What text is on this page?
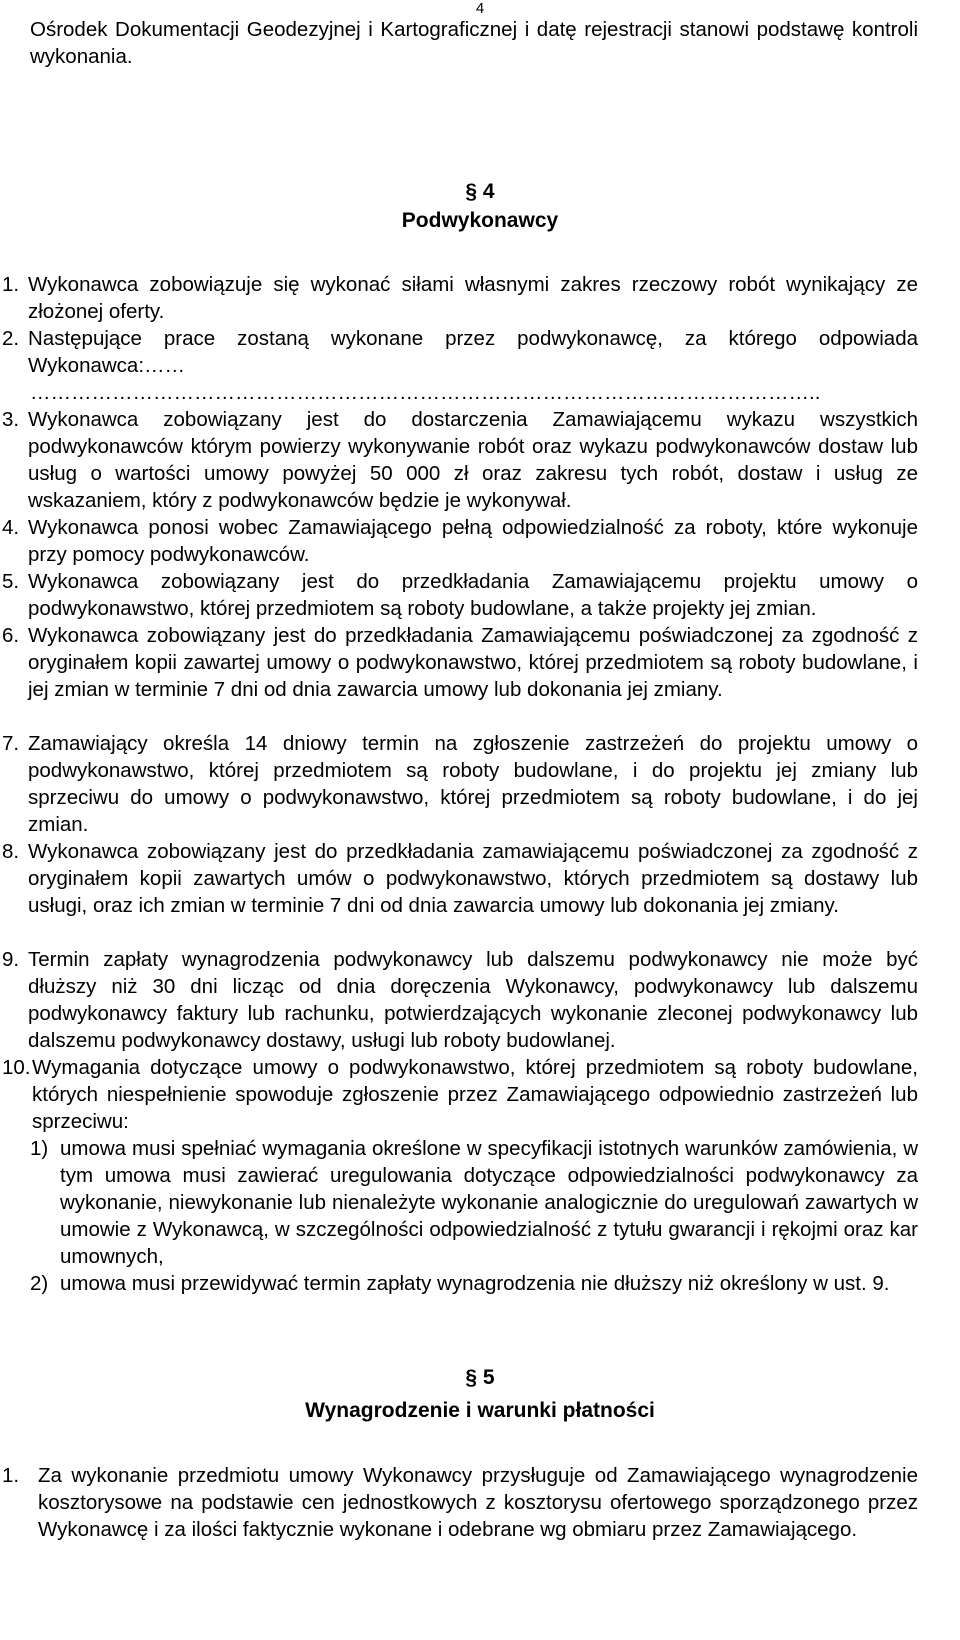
4
Ośrodek Dokumentacji Geodezyjnej i Kartograficznej i datę rejestracji stanowi podstawę kontroli wykonania.
§ 4
Podwykonawcy
1. Wykonawca zobowiązuje się wykonać siłami własnymi zakres rzeczowy robót wynikający ze złożonej oferty.
2. Następujące prace zostaną wykonane przez podwykonawcę, za którego odpowiada Wykonawca:……
……………………………………………………………………………………………………..
3. Wykonawca zobowiązany jest do dostarczenia Zamawiającemu wykazu wszystkich podwykonawców którym powierzy wykonywanie robót oraz wykazu podwykonawców dostaw lub usług o wartości umowy powyżej 50 000 zł oraz zakresu tych robót, dostaw i usług ze wskazaniem, który z podwykonawców będzie je wykonywał.
4. Wykonawca ponosi wobec Zamawiającego pełną odpowiedzialność za roboty, które wykonuje przy pomocy podwykonawców.
5. Wykonawca zobowiązany jest do przedkładania Zamawiającemu projektu umowy o podwykonawstwo, której przedmiotem są roboty budowlane, a także projekty jej zmian.
6. Wykonawca zobowiązany jest do przedkładania Zamawiającemu poświadczonej za zgodność z oryginałem kopii zawartej umowy o podwykonawstwo, której przedmiotem są roboty budowlane, i jej zmian w terminie 7 dni od dnia zawarcia umowy lub dokonania jej zmiany.
7. Zamawiający określa 14 dniowy termin na zgłoszenie zastrzeżeń do projektu umowy o podwykonawstwo, której przedmiotem są roboty budowlane, i do projektu jej zmiany lub sprzeciwu do umowy o podwykonawstwo, której przedmiotem są roboty budowlane, i do jej zmian.
8. Wykonawca zobowiązany jest do przedkładania zamawiającemu poświadczonej za zgodność z oryginałem kopii zawartych umów o podwykonawstwo, których przedmiotem są dostawy lub usługi, oraz ich zmian w terminie 7 dni od dnia zawarcia umowy lub dokonania jej zmiany.
9. Termin zapłaty wynagrodzenia podwykonawcy lub dalszemu podwykonawcy nie może być dłuższy niż 30 dni licząc od dnia doręczenia Wykonawcy, podwykonawcy lub dalszemu podwykonawcy faktury lub rachunku, potwierdzających wykonanie zleconej podwykonawcy lub dalszemu podwykonawcy dostawy, usługi lub roboty budowlanej.
10. Wymagania dotyczące umowy o podwykonawstwo, której przedmiotem są roboty budowlane, których niespełnienie spowoduje zgłoszenie przez Zamawiającego odpowiednio zastrzeżeń lub sprzeciwu:
1) umowa musi spełniać wymagania określone w specyfikacji istotnych warunków zamówienia, w tym umowa musi zawierać uregulowania dotyczące odpowiedzialności podwykonawcy za wykonanie, niewykonanie lub nienależyte wykonanie analogicznie do uregulowań zawartych w umowie z Wykonawcą, w szczególności odpowiedzialność z tytułu gwarancji i rękojmi oraz kar umownych,
2) umowa musi przewidywać termin zapłaty wynagrodzenia nie dłuższy niż określony w ust. 9.
§ 5
Wynagrodzenie i warunki płatności
1. Za wykonanie przedmiotu umowy Wykonawcy przysługuje od Zamawiającego wynagrodzenie kosztorysowe na podstawie cen jednostkowych z kosztorysu ofertowego sporządzonego przez Wykonawcę i za ilości faktycznie wykonane i odebrane wg obmiaru przez Zamawiającego.
